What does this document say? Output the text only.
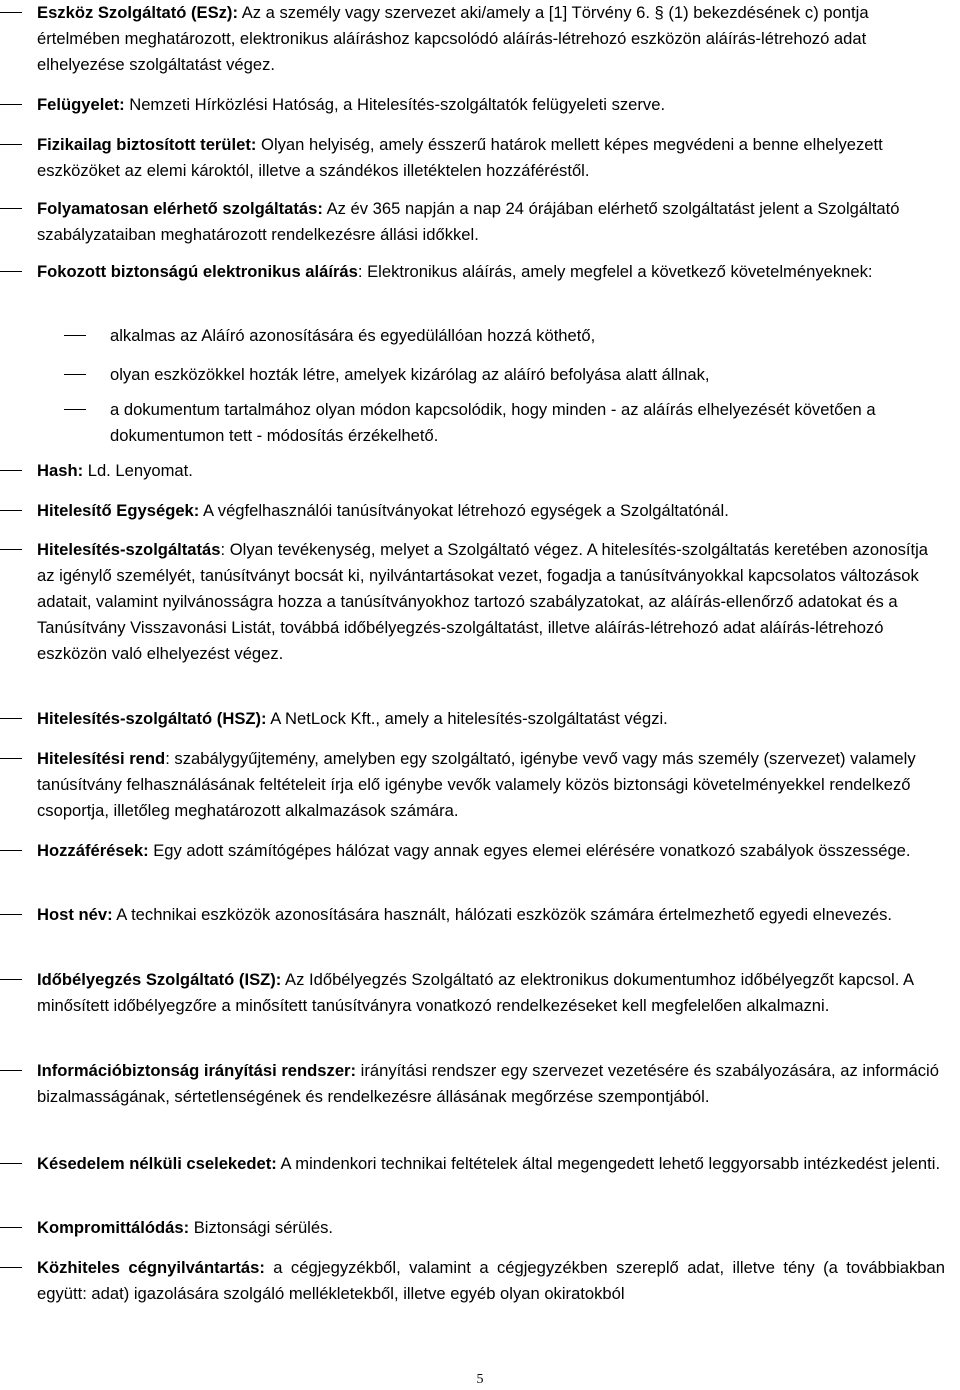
Eszköz Szolgáltató (ESz): Az a személy vagy szervezet aki/amely a [1] Törvény 6. § (1) bekezdésének c) pontja értelmében meghatározott, elektronikus aláíráshoz kapcsolódó aláírás-létrehozó eszközön aláírás-létrehozó adat elhelyezése szolgáltatást végez.
Felügyelet: Nemzeti Hírközlési Hatóság, a Hitelesítés-szolgáltatók felügyeleti szerve.
Fizikailag biztosított terület: Olyan helyiség, amely ésszerű határok mellett képes megvédeni a benne elhelyezett eszközöket az elemi károktól, illetve a szándékos illetéktelen hozzáféréstől.
Folyamatosan elérhető szolgáltatás: Az év 365 napján a nap 24 órájában elérhető szolgáltatást jelent a Szolgáltató szabályzataiban meghatározott rendelkezésre állási időkkel.
Fokozott biztonságú elektronikus aláírás: Elektronikus aláírás, amely megfelel a következő követelményeknek:
alkalmas az Aláíró azonosítására és egyedülállóan hozzá köthető,
olyan eszközökkel hozták létre, amelyek kizárólag az aláíró befolyása alatt állnak,
a dokumentum tartalmához olyan módon kapcsolódik, hogy minden - az aláírás elhelyezését követően a dokumentumon tett - módosítás érzékelhető.
Hash: Ld. Lenyomat.
Hitelesítő Egységek: A végfelhasználói tanúsítványokat létrehozó egységek a Szolgáltatónál.
Hitelesítés-szolgáltatás: Olyan tevékenység, melyet a Szolgáltató végez. A hitelesítés-szolgáltatás keretében azonosítja az igénylő személyét, tanúsítványt bocsát ki, nyilvántartásokat vezet, fogadja a tanúsítványokkal kapcsolatos változások adatait, valamint nyilvánosságra hozza a tanúsítványokhoz tartozó szabályzatokat, az aláírás-ellenőrző adatokat és a Tanúsítvány Visszavonási Listát, továbbá időbélyegzés-szolgáltatást, illetve aláírás-létrehozó adat aláírás-létrehozó eszközön való elhelyezést végez.
Hitelesítés-szolgáltató (HSZ): A NetLock Kft., amely a hitelesítés-szolgáltatást végzi.
Hitelesítési rend: szabálygyűjtemény, amelyben egy szolgáltató, igénybe vevő vagy más személy (szervezet) valamely tanúsítvány felhasználásának feltételeit írja elő igénybe vevők valamely közös biztonsági követelményekkel rendelkező csoportja, illetőleg meghatározott alkalmazások számára.
Hozzáférések: Egy adott számítógépes hálózat vagy annak egyes elemei elérésére vonatkozó szabályok összessége.
Host név: A technikai eszközök azonosítására használt, hálózati eszközök számára értelmezhető egyedi elnevezés.
Időbélyegzés Szolgáltató (ISZ): Az Időbélyegzés Szolgáltató az elektronikus dokumentumhoz időbélyegzőt kapcsol. A minősített időbélyegzőre a minősített tanúsítványra vonatkozó rendelkezéseket kell megfelelően alkalmazni.
Információbiztonság irányítási rendszer: irányítási rendszer egy szervezet vezetésére és szabályozására, az információ bizalmasságának, sértetlenségének és rendelkezésre állásának megőrzése szempontjából.
Késedelem nélküli cselekedet: A mindenkori technikai feltételek által megengedett lehető leggyorsabb intézkedést jelenti.
Kompromittálódás: Biztonsági sérülés.
Közhiteles cégnyilvántartás: a cégjegyzékből, valamint a cégjegyzékben szereplő adat, illetve tény (a továbbiakban együtt: adat) igazolására szolgáló mellékletekből, illetve egyéb olyan okiratokból
5
